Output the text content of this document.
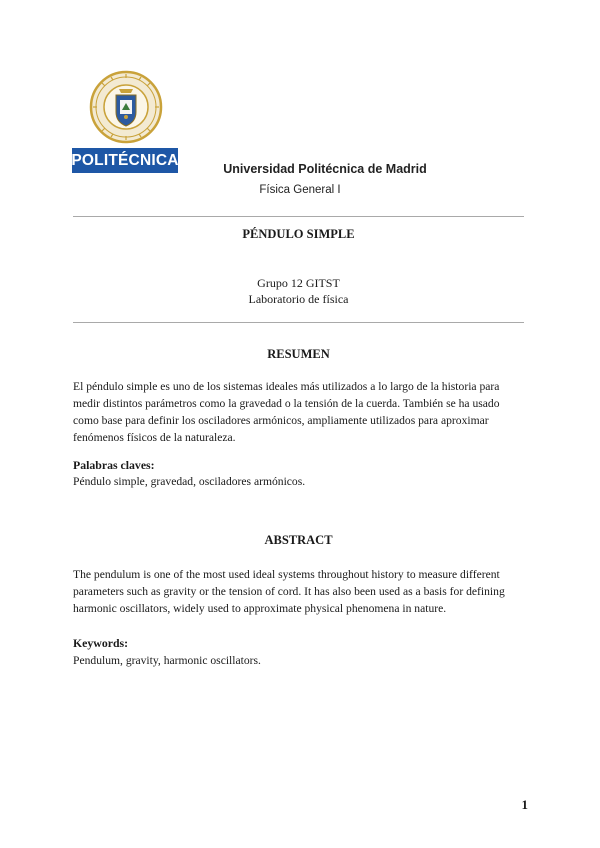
POLITÉCNICA
Universidad Politécnica de Madrid
Física General I
PÉNDULO SIMPLE
Grupo 12 GITST
Laboratorio de física
RESUMEN
El péndulo simple es uno de los sistemas ideales más utilizados a lo largo de la historia para
medir distintos parámetros como la gravedad o la tensión de la cuerda. También se ha usado
como base para definir los osciladores armónicos, ampliamente utilizados para aproximar
fenómenos físicos de la naturaleza.
Palabras claves:
Péndulo simple, gravedad, osciladores armónicos.
ABSTRACT
The pendulum is one of the most used ideal systems throughout history to measure different
parameters such as gravity or the tension of cord. It has also been used as a basis for defining
harmonic oscillators, widely used to approximate physical phenomena in nature.
Keywords:
Pendulum, gravity, harmonic oscillators.
1
